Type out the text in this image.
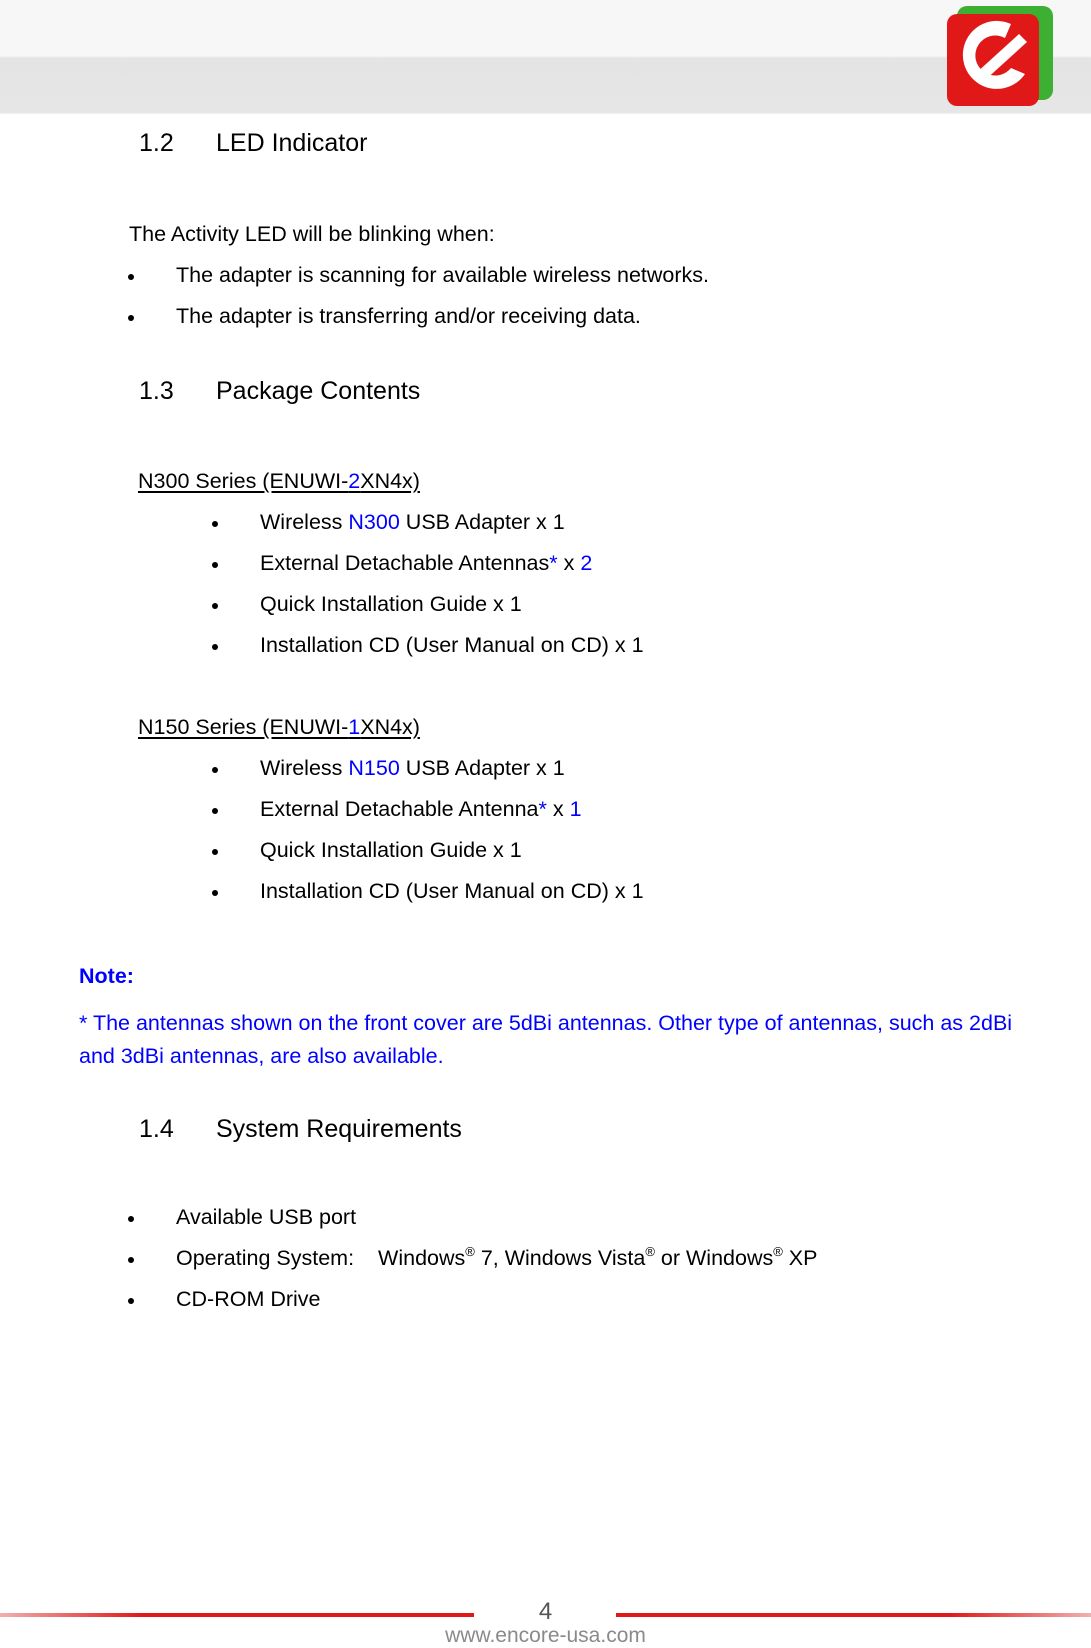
1.2 LED Indicator
The Activity LED will be blinking when:
The adapter is scanning for available wireless networks.
The adapter is transferring and/or receiving data.
1.3 Package Contents
N300 Series (ENUWI-2XN4x)
Wireless N300 USB Adapter x 1
External Detachable Antennas* x 2
Quick Installation Guide x 1
Installation CD (User Manual on CD) x 1
N150 Series (ENUWI-1XN4x)
Wireless N150 USB Adapter x 1
External Detachable Antenna* x 1
Quick Installation Guide x 1
Installation CD (User Manual on CD) x 1
Note:
* The antennas shown on the front cover are 5dBi antennas. Other type of antennas, such as 2dBi and 3dBi antennas, are also available.
1.4 System Requirements
Available USB port
Operating System: Windows® 7, Windows Vista® or Windows® XP
CD-ROM Drive
4
www.encore-usa.com
